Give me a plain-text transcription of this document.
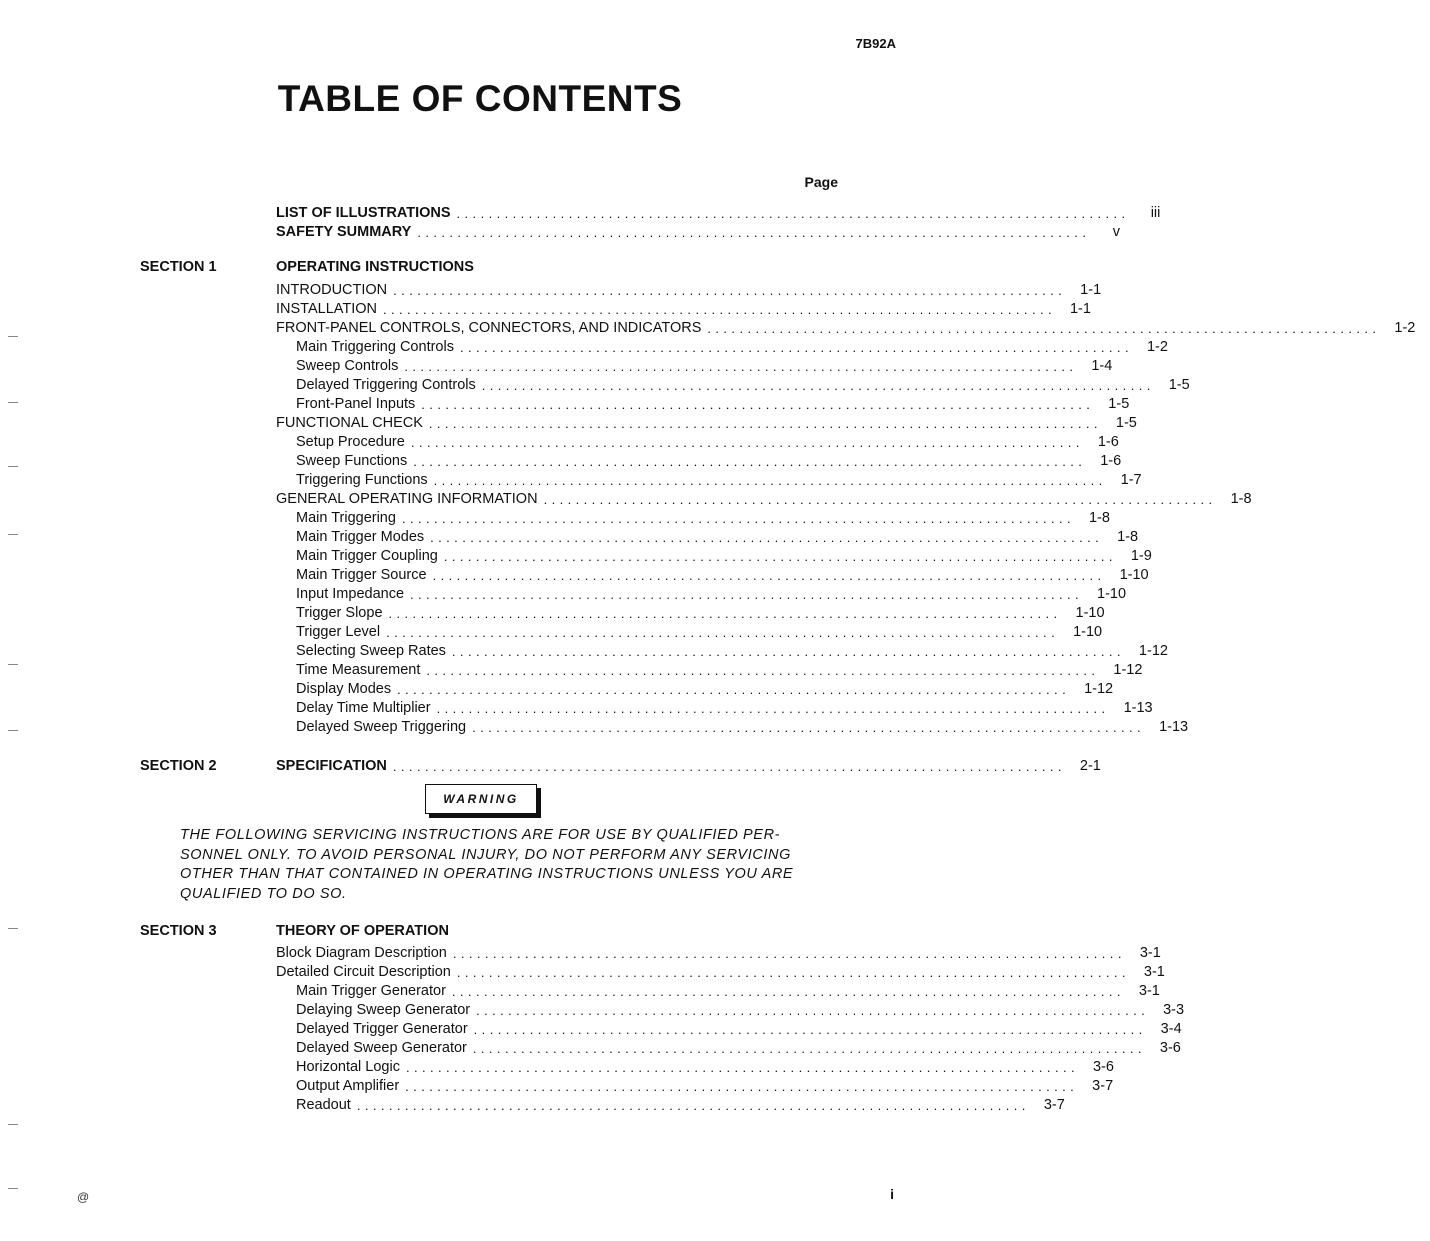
7B92A
TABLE OF CONTENTS
Page
LIST OF ILLUSTRATIONS ....................................................................................	iii
SAFETY SUMMARY ....................................................................................	v
SECTION 1	OPERATING INSTRUCTIONS
INTRODUCTION .................................................................................... 1-1
INSTALLATION .................................................................................... 1-1
FRONT-PANEL CONTROLS, CONNECTORS, AND INDICATORS .................................................................................... 1-2
Main Triggering Controls .................................................................................... 1-2
Sweep Controls .................................................................................... 1-4
Delayed Triggering Controls .................................................................................... 1-5
Front-Panel Inputs .................................................................................... 1-5
FUNCTIONAL CHECK .................................................................................... 1-5
Setup Procedure .................................................................................... 1-6
Sweep Functions .................................................................................... 1-6
Triggering Functions .................................................................................... 1-7
GENERAL OPERATING INFORMATION .................................................................................... 1-8
Main Triggering .................................................................................... 1-8
Main Trigger Modes .................................................................................... 1-8
Main Trigger Coupling .................................................................................... 1-9
Main Trigger Source .................................................................................... 1-10
Input Impedance .................................................................................... 1-10
Trigger Slope .................................................................................... 1-10
Trigger Level .................................................................................... 1-10
Selecting Sweep Rates .................................................................................... 1-12
Time Measurement .................................................................................... 1-12
Display Modes .................................................................................... 1-12
Delay Time Multiplier .................................................................................... 1-13
Delayed Sweep Triggering .................................................................................... 1-13
SECTION 2	SPECIFICATION .................................................................................... 2-1
WARNING
THE FOLLOWING SERVICING INSTRUCTIONS ARE FOR USE BY QUALIFIED PER-SONNEL ONLY. TO AVOID PERSONAL INJURY, DO NOT PERFORM ANY SERVICING OTHER THAN THAT CONTAINED IN OPERATING INSTRUCTIONS UNLESS YOU ARE QUALIFIED TO DO SO.
SECTION 3	THEORY OF OPERATION
Block Diagram Description .................................................................................... 3-1
Detailed Circuit Description .................................................................................... 3-1
Main Trigger Generator .................................................................................... 3-1
Delaying Sweep Generator .................................................................................... 3-3
Delayed Trigger Generator .................................................................................... 3-4
Delayed Sweep Generator .................................................................................... 3-6
Horizontal Logic .................................................................................... 3-6
Output Amplifier .................................................................................... 3-7
Readout .................................................................................... 3-7
@	i
